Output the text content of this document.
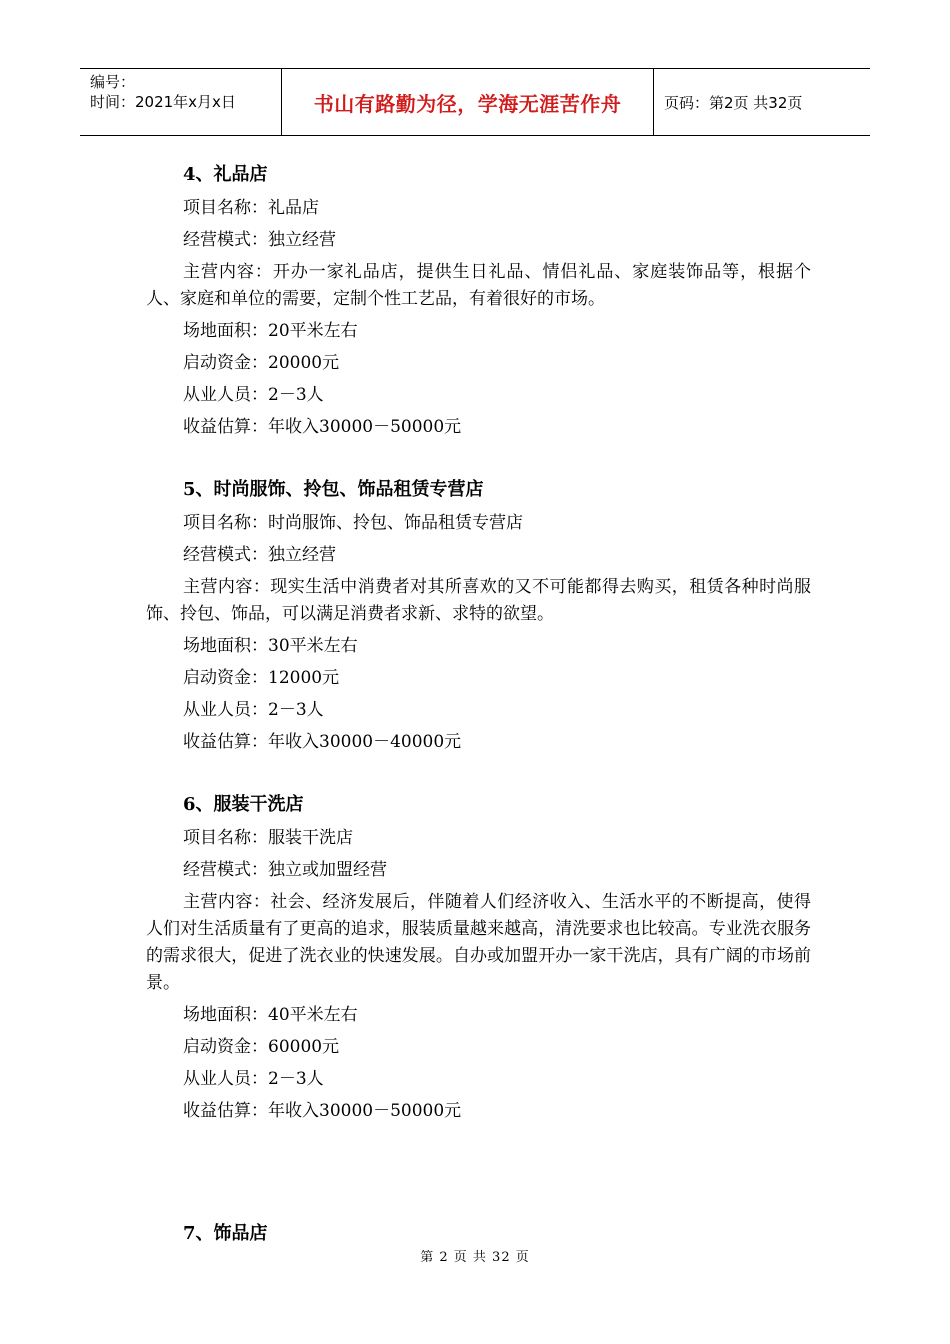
编号：
时间：2021年x月x日	书山有路勤为径，学海无涯苦作舟	页码：第2页 共32页
4、礼品店
项目名称：礼品店
经营模式：独立经营

主营内容：开办一家礼品店，提供生日礼品、情侣礼品、家庭装饰品等，根据个人、家庭和单位的需要，定制个性工艺品，有着很好的市场。

场地面积：20平米左右
启动资金：20000元
从业人员：2－3人
收益估算：年收入30000－50000元
5、时尚服饰、拎包、饰品租赁专营店
项目名称：时尚服饰、拎包、饰品租赁专营店
经营模式：独立经营

主营内容：现实生活中消费者对其所喜欢的又不可能都得去购买，租赁各种时尚服饰、拎包、饰品，可以满足消费者求新、求特的欲望。

场地面积：30平米左右
启动资金：12000元
从业人员：2－3人
收益估算：年收入30000－40000元
6、服装干洗店
项目名称：服装干洗店
经营模式：独立或加盟经营

主营内容：社会、经济发展后，伴随着人们经济收入、生活水平的不断提高，使得人们对生活质量有了更高的追求，服装质量越来越高，清洗要求也比较高。专业洗衣服务的需求很大，促进了洗衣业的快速发展。自办或加盟开办一家干洗店，具有广阔的市场前景。

场地面积：40平米左右
启动资金：60000元
从业人员：2－3人
收益估算：年收入30000－50000元
7、饰品店
第 2 页 共 32 页
